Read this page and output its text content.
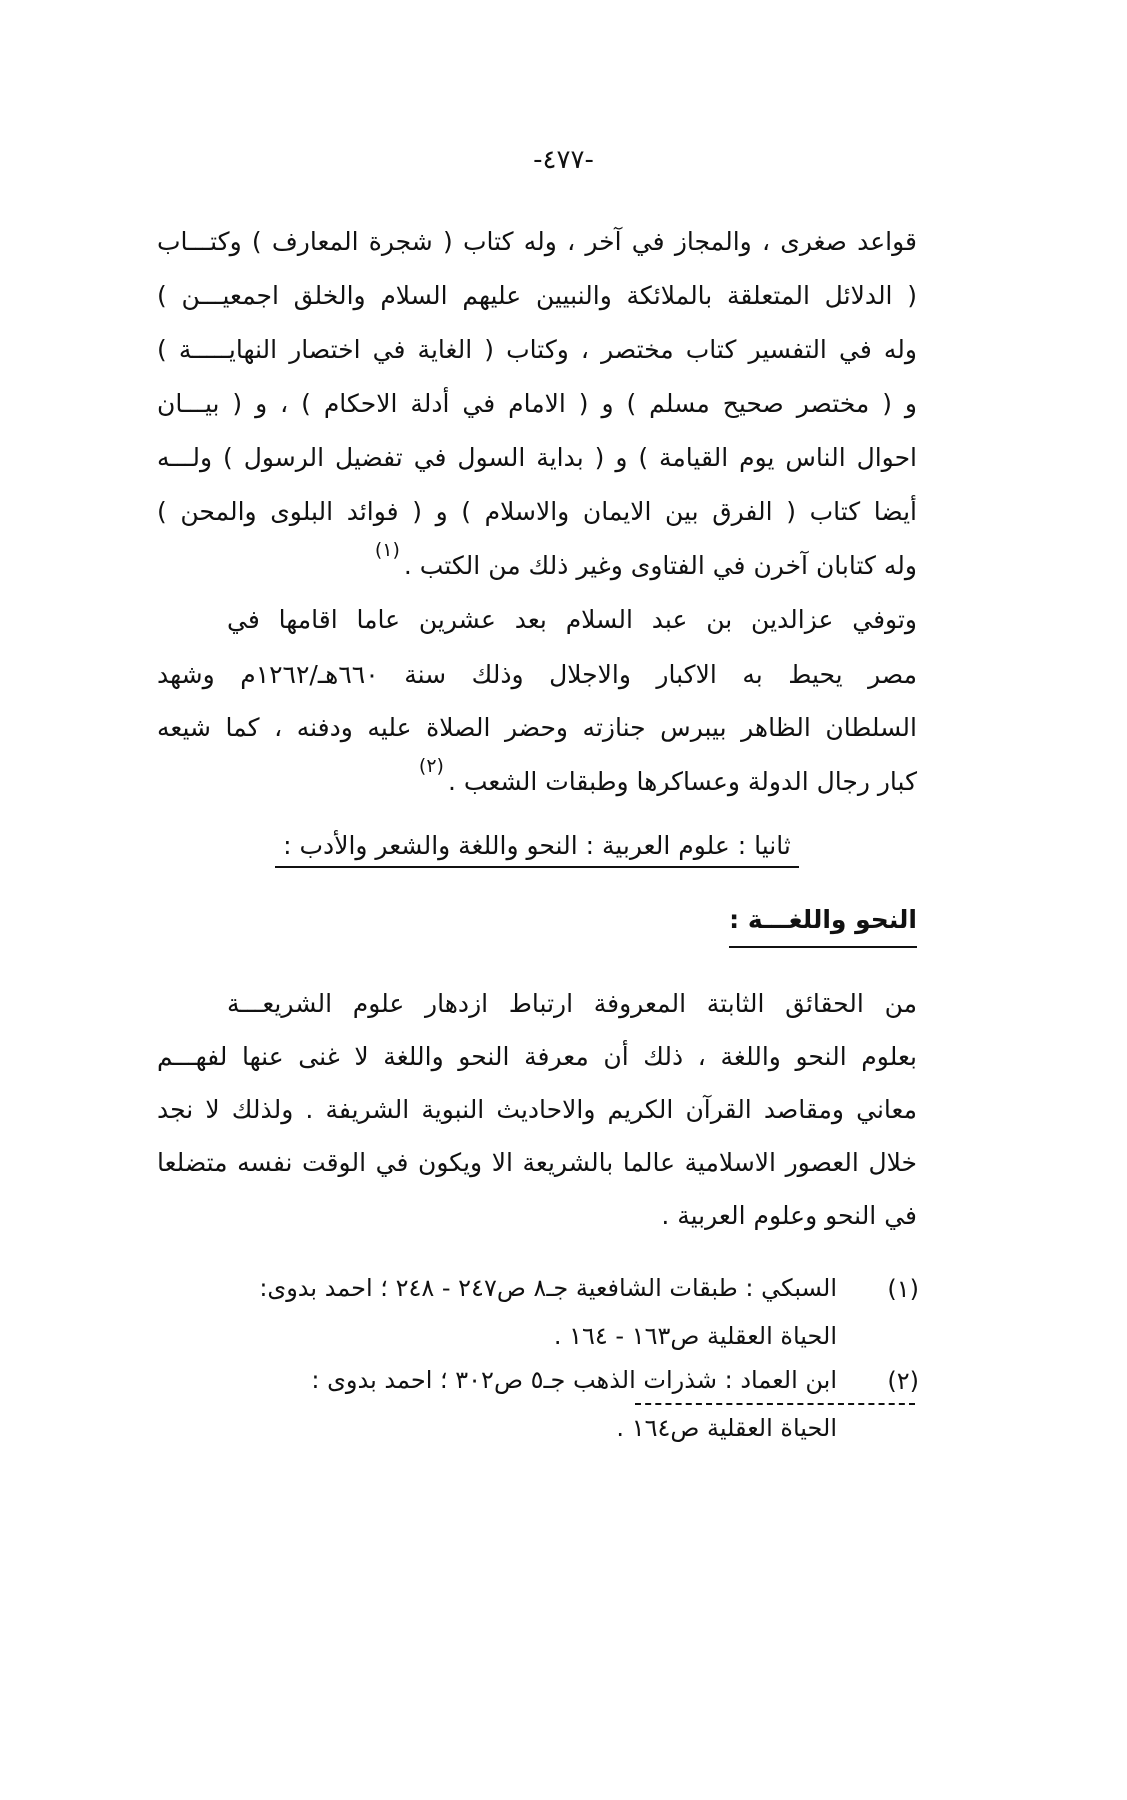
-٤٧٧-
قواعد صغرى ، والمجاز في آخر ، وله كتاب ( شجرة المعارف ) وكتـــاب
( الدلائل المتعلقة بالملائكة والنبيين عليهم السلام والخلق اجمعيـــن )
وله في التفسير كتاب مختصر ، وكتاب ( الغاية في اختصار النهايـــــة )
و ( مختصر صحيح مسلم ) و ( الامام في أدلة الاحكام ) ، و ( بيـــان
احوال الناس يوم القيامة ) و ( بداية السول في تفضيل الرسول ) ولـــه
أيضا كتاب ( الفرق بين الايمان والاسلام ) و ( فوائد البلوى والمحن )
وله كتابان آخرن في الفتاوى وغير ذلك من الكتب .$^{(١)}$
وتوفي عزالدين بن عبد السلام بعد عشرين عاما اقامها في
مصر يحيط به الاكبار والاجلال وذلك سنة ٦٦٠هـ/١٢٦٢م وشهد
السلطان الظاهر بيبرس جنازته وحضر الصلاة عليه ودفنه ، كما شيعه
كبار رجال الدولة وعساكرها وطبقات الشعب .$^{(٢)}$
ثانيا : علوم العربية : النحو واللغة والشعر والأدب :
النحو واللغـــة :
من الحقائق الثابتة المعروفة ارتباط ازدهار علوم الشريعـــة
بعلوم النحو واللغة ، ذلك أن معرفة النحو واللغة لا غنى عنها لفهـــم
معاني ومقاصد القرآن الكريم والاحاديث النبوية الشريفة . ولذلك لا نجد
خلال العصور الاسلامية عالما بالشريعة الا ويكون في الوقت نفسه متضلعا
في النحو وعلوم العربية .
(١)
السبكي : طبقات الشافعية جـ٨ ص٢٤٧ - ٢٤٨ ؛ احمد بدوى:
الحياة العقلية ص١٦٣ - ١٦٤ .
(٢)
ابن العماد : شذرات الذهب جـ٥ ص٣٠٢ ؛ احمد بدوى :
الحياة العقلية ص١٦٤ .
